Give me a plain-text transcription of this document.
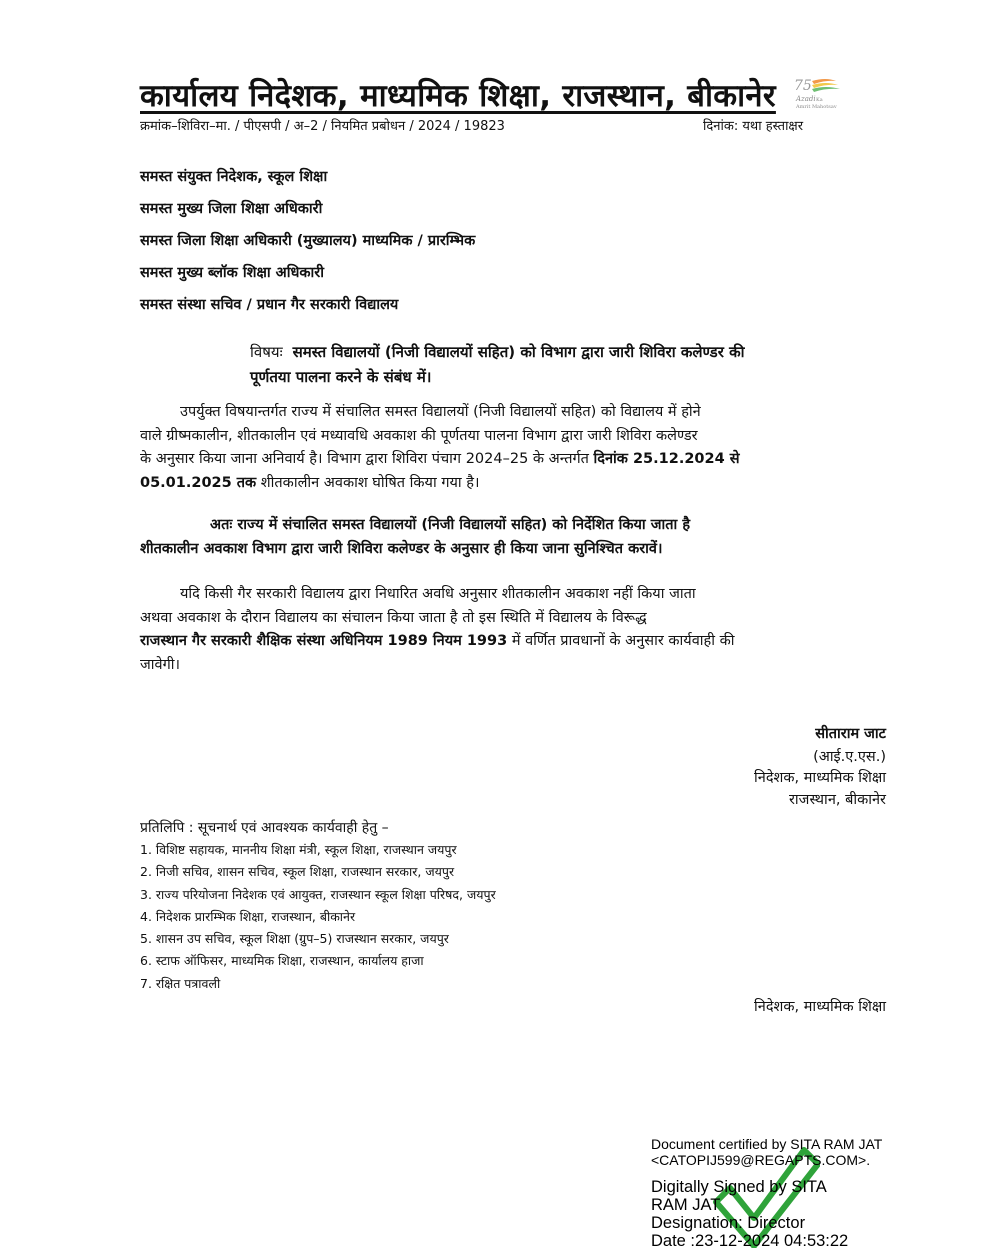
कार्यालय निदेशक, माध्यमिक शिक्षा, राजस्थान, बीकानेर 75
Azadi Ka
Amrit Mahotsav
क्रमांक–शिविरा–मा. / पीएसपी / अ–2 / नियमित प्रबोधन / 2024 / 19823	दिनांक: यथा हस्ताक्षर
समस्त संयुक्त निदेशक, स्कूल शिक्षा
समस्त मुख्य जिला शिक्षा अधिकारी
समस्त जिला शिक्षा अधिकारी (मुख्यालय) माध्यमिक / प्रारम्भिक
समस्त मुख्य ब्लॉक शिक्षा अधिकारी
समस्त संस्था सचिव / प्रधान गैर सरकारी विद्यालय
विषयः समस्त विद्यालयों (निजी विद्यालयों सहित) को विभाग द्वारा जारी शिविरा कलेण्डर की
पूर्णतया पालना करने के संबंध में।
उपर्युक्त विषयान्तर्गत राज्य में संचालित समस्त विद्यालयों (निजी विद्यालयों सहित) को विद्यालय में होने
वाले ग्रीष्मकालीन, शीतकालीन एवं मध्यावधि अवकाश की पूर्णतया पालना विभाग द्वारा जारी शिविरा कलेण्डर
के अनुसार किया जाना अनिवार्य है। विभाग द्वारा शिविरा पंचाग 2024–25 के अन्तर्गत दिनांक 25.12.2024 से
05.01.2025 तक शीतकालीन अवकाश घोषित किया गया है।
अतः राज्य में संचालित समस्त विद्यालयों (निजी विद्यालयों सहित) को निर्देशित किया जाता है
शीतकालीन अवकाश विभाग द्वारा जारी शिविरा कलेण्डर के अनुसार ही किया जाना सुनिश्चित करावें।
यदि किसी गैर सरकारी विद्यालय द्वारा निधारित अवधि अनुसार शीतकालीन अवकाश नहीं किया जाता
अथवा अवकाश के दौरान विद्यालय का संचालन किया जाता है तो इस स्थिति में विद्यालय के विरूद्ध
राजस्थान गैर सरकारी शैक्षिक संस्था अधिनियम 1989 नियम 1993 में वर्णित प्रावधानों के अनुसार कार्यवाही की
जावेगी।
सीताराम जाट
(आई.ए.एस.)
निदेशक, माध्यमिक शिक्षा
राजस्थान, बीकानेर
प्रतिलिपि : सूचनार्थ एवं आवश्यक कार्यवाही हेतु –
1. विशिष्ट सहायक, माननीय शिक्षा मंत्री, स्कूल शिक्षा, राजस्थान जयपुर
2. निजी सचिव, शासन सचिव, स्कूल शिक्षा, राजस्थान सरकार, जयपुर
3. राज्य परियोजना निदेशक एवं आयुक्त, राजस्थान स्कूल शिक्षा परिषद, जयपुर
4. निदेशक प्रारम्भिक शिक्षा, राजस्थान, बीकानेर
5. शासन उप सचिव, स्कूल शिक्षा (ग्रुप–5) राजस्थान सरकार, जयपुर
6. स्टाफ ऑफिसर, माध्यमिक शिक्षा, राजस्थान, कार्यालय हाजा
7. रक्षित पत्रावली
निदेशक, माध्यमिक शिक्षा
Document certified by SITA RAM JAT
<CATOPIJ599@REGAPTS.COM>.
Digitally Signed by SITA
RAM JAT
Designation: Director
Date :23-12-2024 04:53:22
